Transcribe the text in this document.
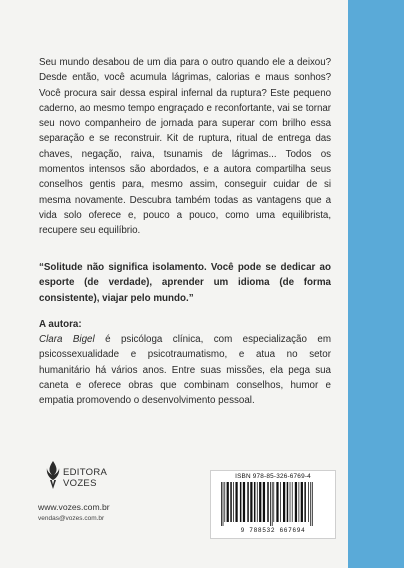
Seu mundo desabou de um dia para o outro quando ele a deixou? Desde então, você acumula lágrimas, calorias e maus sonhos? Você procura sair dessa espiral infernal da ruptura? Este pequeno caderno, ao mesmo tempo engraçado e reconfortante, vai se tornar seu novo companheiro de jornada para superar com brilho essa separação e se reconstruir. Kit de ruptura, ritual de entrega das chaves, negação, raiva, tsunamis de lágrimas... Todos os momentos intensos são abordados, e a autora compartilha seus conselhos gentis para, mesmo assim, conseguir cuidar de si mesma novamente. Descubra também todas as vantagens que a vida solo oferece e, pouco a pouco, como uma equilibrista, recupere seu equilíbrio.

“Solitude não significa isolamento. Você pode se dedicar ao esporte (de verdade), aprender um idioma (de forma consistente), viajar pelo mundo.”

A autora:

Clara Bigel é psicóloga clínica, com especialização em psicossexualidade e psicotraumatismo, e atua no setor humanitário há vários anos. Entre suas missões, ela pega sua caneta e oferece obras que combinam conselhos, humor e empatia promovendo o desenvolvimento pessoal.

EDITORA
VOZES
www.vozes.com.br
vendas@vozes.com.br
ISBN 978-85-326-6769-4
9 788532 667694
